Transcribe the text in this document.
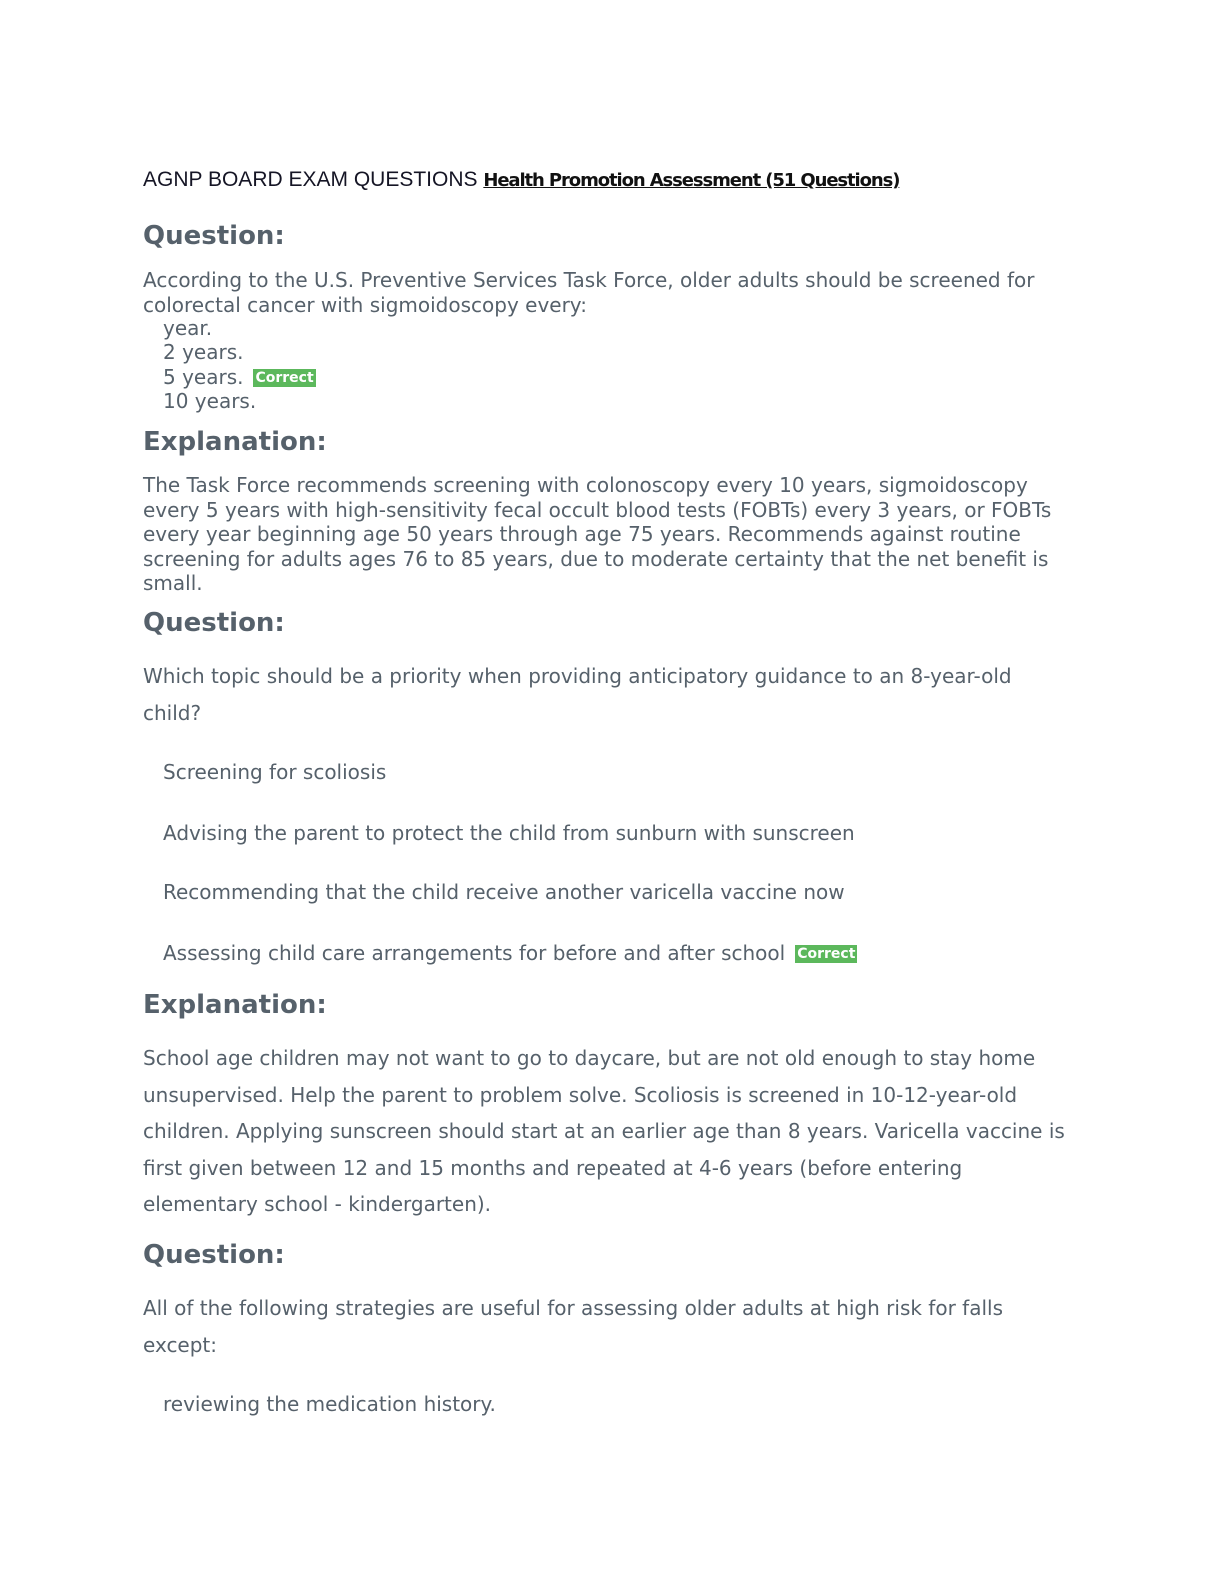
AGNP BOARD EXAM QUESTIONS Health Promotion Assessment (51 Questions)
Question:
According to the U.S. Preventive Services Task Force, older adults should be screened for colorectal cancer with sigmoidoscopy every:
year.
2 years.
5 years. Correct
10 years.
Explanation:
The Task Force recommends screening with colonoscopy every 10 years, sigmoidoscopy every 5 years with high-sensitivity fecal occult blood tests (FOBTs) every 3 years, or FOBTs every year beginning age 50 years through age 75 years. Recommends against routine screening for adults ages 76 to 85 years, due to moderate certainty that the net benefit is small.
Question:
Which topic should be a priority when providing anticipatory guidance to an 8-year-old child?
Screening for scoliosis
Advising the parent to protect the child from sunburn with sunscreen
Recommending that the child receive another varicella vaccine now
Assessing child care arrangements for before and after school Correct
Explanation:
School age children may not want to go to daycare, but are not old enough to stay home unsupervised. Help the parent to problem solve. Scoliosis is screened in 10-12-year-old children. Applying sunscreen should start at an earlier age than 8 years. Varicella vaccine is first given between 12 and 15 months and repeated at 4-6 years (before entering elementary school - kindergarten).
Question:
All of the following strategies are useful for assessing older adults at high risk for falls except:
reviewing the medication history.
